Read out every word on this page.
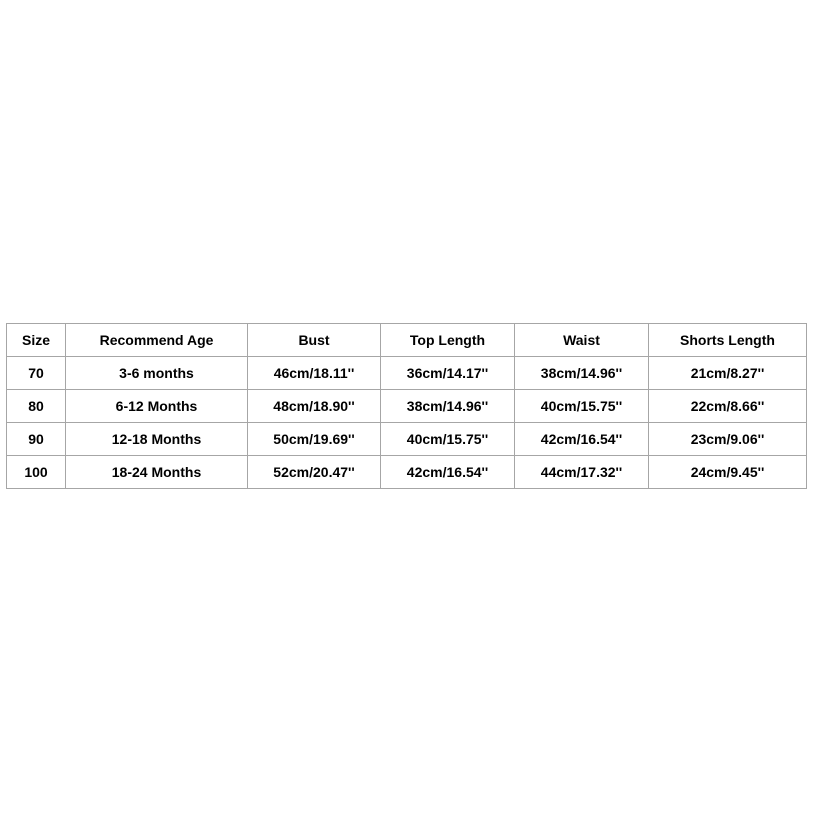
Size	Recommend Age	Bust	Top Length	Waist	Shorts Length
70	3-6 months	46cm/18.11''	36cm/14.17''	38cm/14.96''	21cm/8.27''
80	6-12 Months	48cm/18.90''	38cm/14.96''	40cm/15.75''	22cm/8.66''
90	12-18 Months	50cm/19.69''	40cm/15.75''	42cm/16.54''	23cm/9.06''
100	18-24 Months	52cm/20.47''	42cm/16.54''	44cm/17.32''	24cm/9.45''
